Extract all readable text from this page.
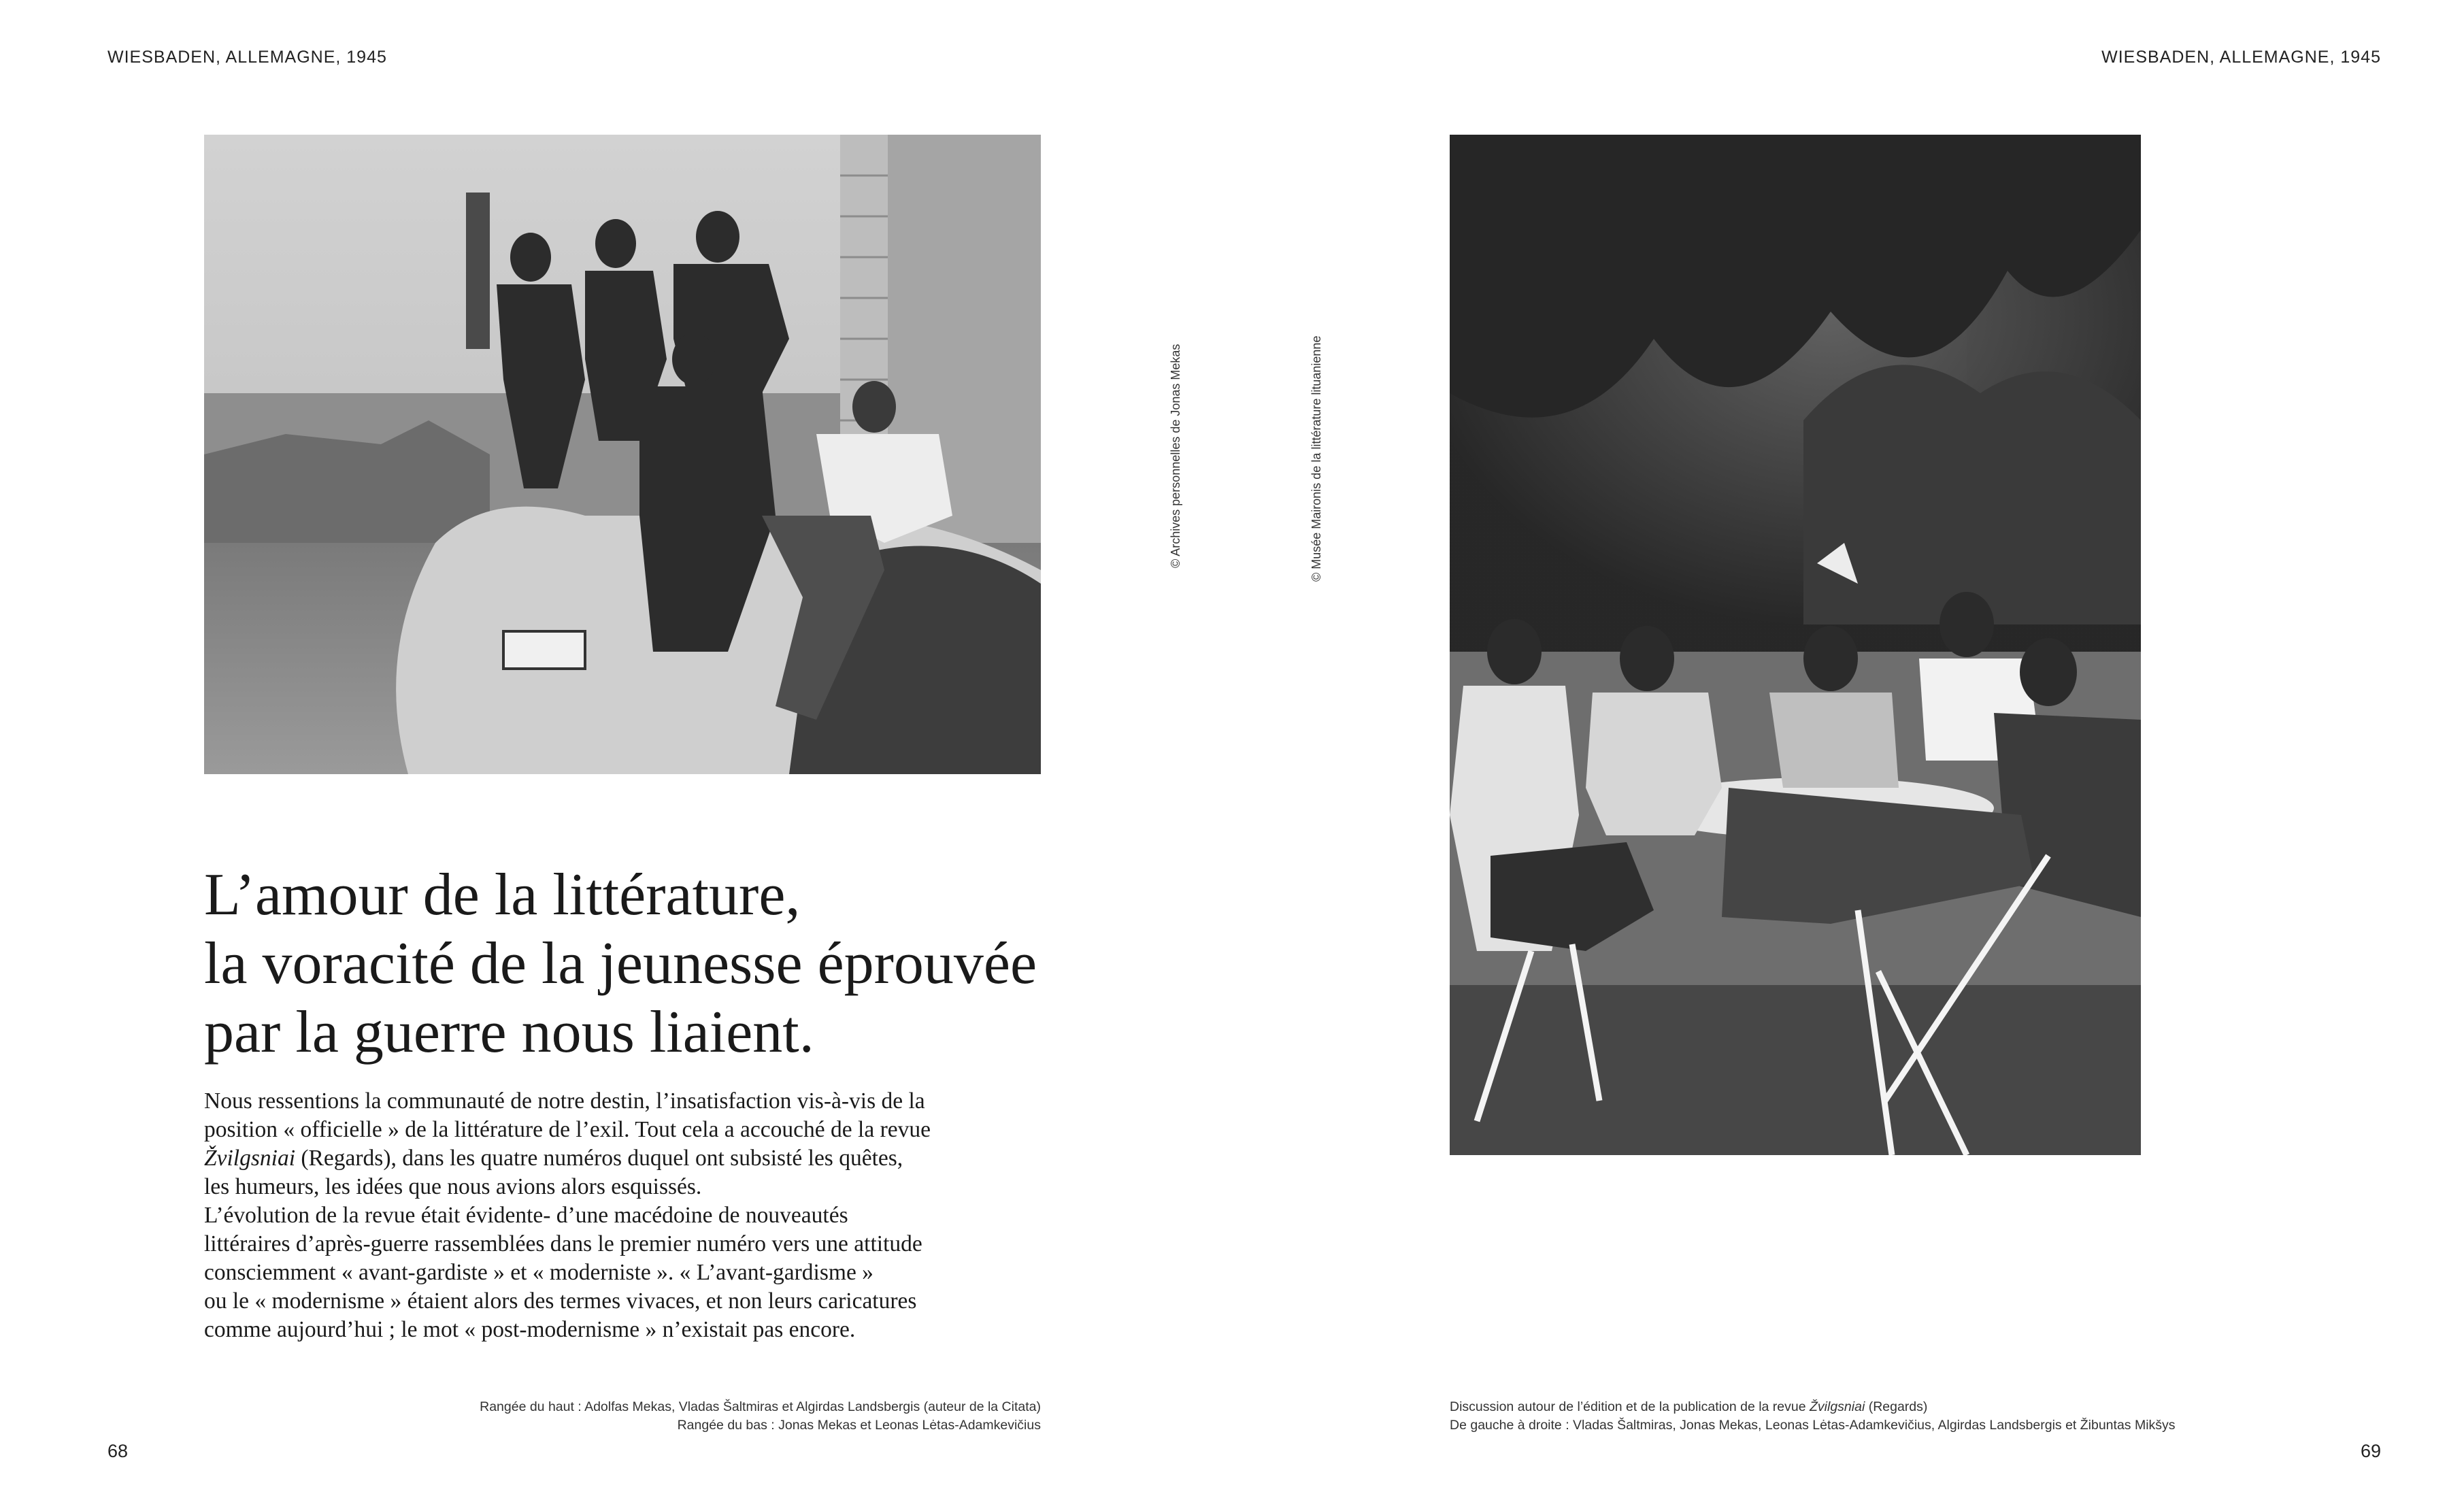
WIESBADEN, ALLEMAGNE, 1945
© Archives personnelles de Jonas Mekas
L’amour de la littérature,
la voracité de la jeunesse éprouvée
par la guerre nous liaient.
Nous ressentions la communauté de notre destin, l’insatisfaction vis-à-vis de la
position « officielle » de la littérature de l’exil. Tout cela a accouché de la revue
Žvilgsniai (Regards), dans les quatre numéros duquel ont subsisté les quêtes,
les humeurs, les idées que nous avions alors esquissés.
L’évolution de la revue était évidente- d’une macédoine de nouveautés
littéraires d’après-guerre rassemblées dans le premier numéro vers une attitude
consciemment « avant-gardiste » et « moderniste ». « L’avant-gardisme »
ou le « modernisme » étaient alors des termes vivaces, et non leurs caricatures
comme aujourd’hui ; le mot « post-modernisme » n’existait pas encore.
Rangée du haut : Adolfas Mekas, Vladas Šaltmiras et Algirdas Landsbergis (auteur de la Citata)
Rangée du bas : Jonas Mekas et Leonas Lėtas-Adamkevičius
68
WIESBADEN, ALLEMAGNE, 1945
© Musée Maironis de la littérature lituanienne
Discussion autour de l’édition et de la publication de la revue Žvilgsniai (Regards)
De gauche à droite : Vladas Šaltmiras, Jonas Mekas, Leonas Lėtas-Adamkevičius, Algirdas Landsbergis et Žibuntas Mikšys
69
